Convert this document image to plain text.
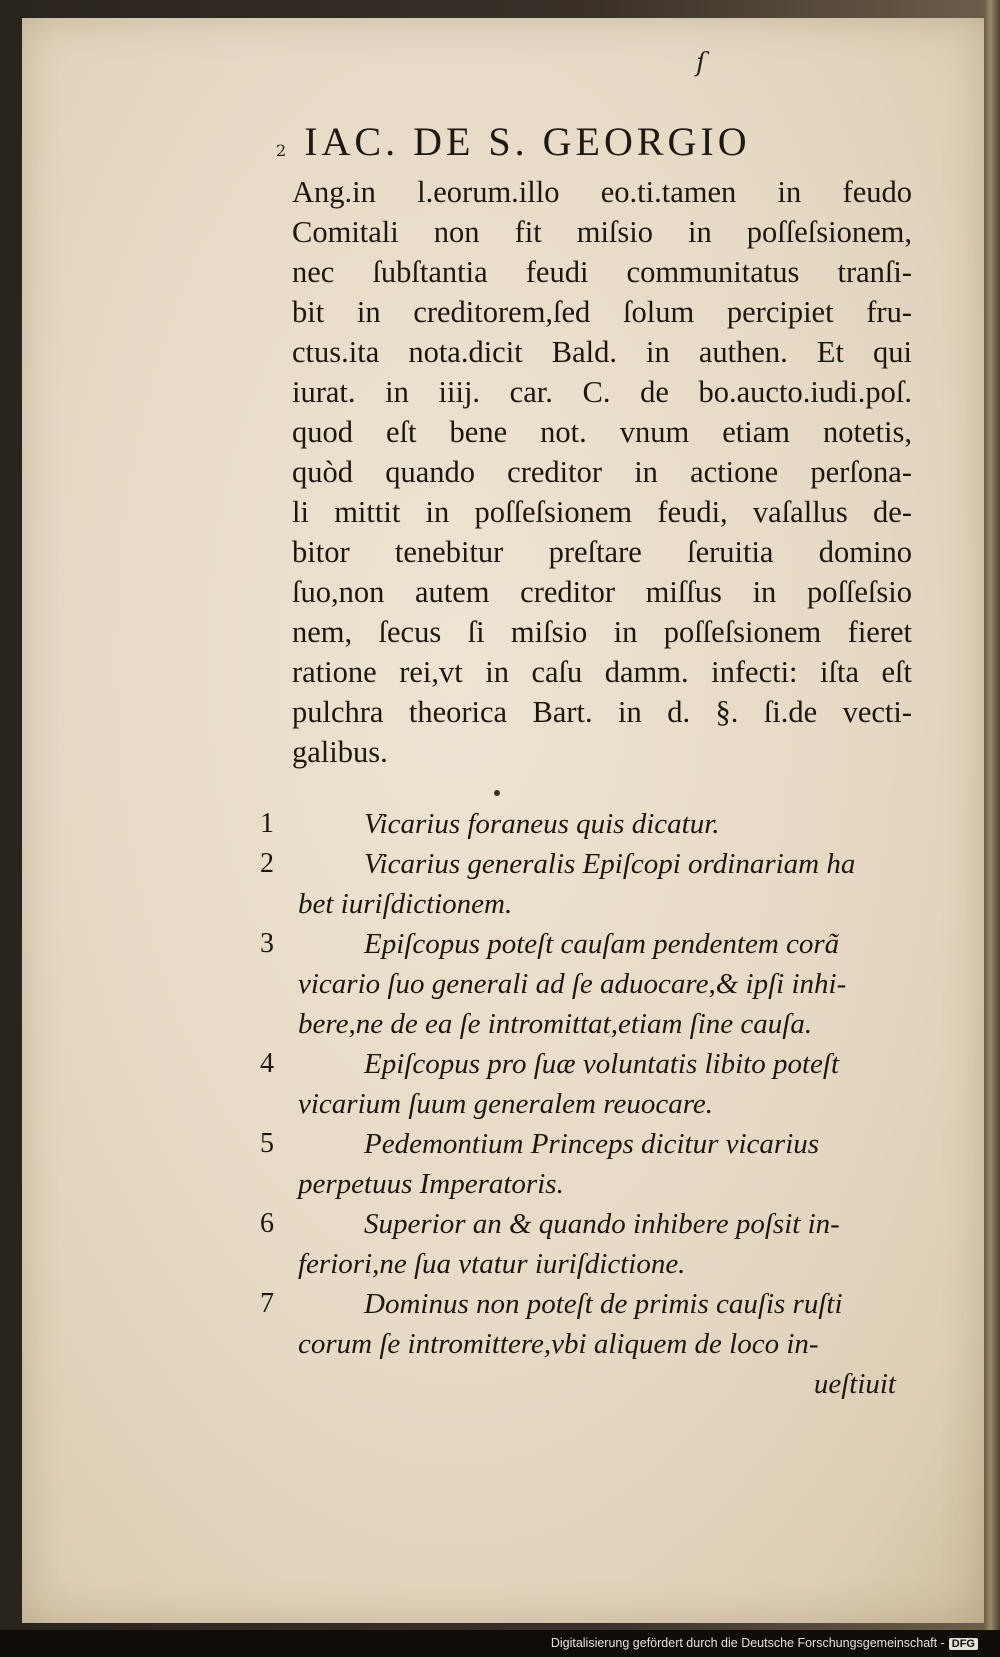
ſ
2 IAC. DE S. GEORGIO
Ang.in l.eorum.illo eo.ti.tamen in feudo
Comitali non fit miſsio in poſſeſsionem,
nec ſubſtantia feudi communitatus tranſi-
bit in creditorem,ſed ſolum percipiet fru-
ctus.ita nota.dicit Bald. in authen. Et qui
iurat. in iiij. car. C. de bo.aucto.iudi.poſ.
quod eſt bene not. vnum etiam notetis,
quòd quando creditor in actione perſona-
li mittit in poſſeſsionem feudi, vaſallus de-
bitor tenebitur preſtare ſeruitia domino
ſuo,non autem creditor miſſus in poſſeſsio
nem, ſecus ſi miſsio in poſſeſsionem fieret
ratione rei,vt in caſu damm. infecti: iſta eſt
pulchra theorica Bart. in d. §. ſi.de vecti-
galibus.
1	Vicarius foraneus quis dicatur.
2	Vicarius generalis Epiſcopi ordinariam ha
bet iuriſdictionem.
3	Epiſcopus poteſt cauſam pendentem corã
vicario ſuo generali ad ſe aduocare,& ipſi inhi-
bere,ne de ea ſe intromittat,etiam ſine cauſa.
4	Epiſcopus pro ſuæ voluntatis libito poteſt
vicarium ſuum generalem reuocare.
5	Pedemontium Princeps dicitur vicarius
perpetuus Imperatoris.
6	Superior an & quando inhibere poſsit in-
feriori,ne ſua vtatur iuriſdictione.
7	Dominus non poteſt de primis cauſis ruſti
corum ſe intromittere,vbi aliquem de loco in-
ueſtiuit
Digitalisierung gefördert durch die Deutsche Forschungsgemeinschaft - DFG
